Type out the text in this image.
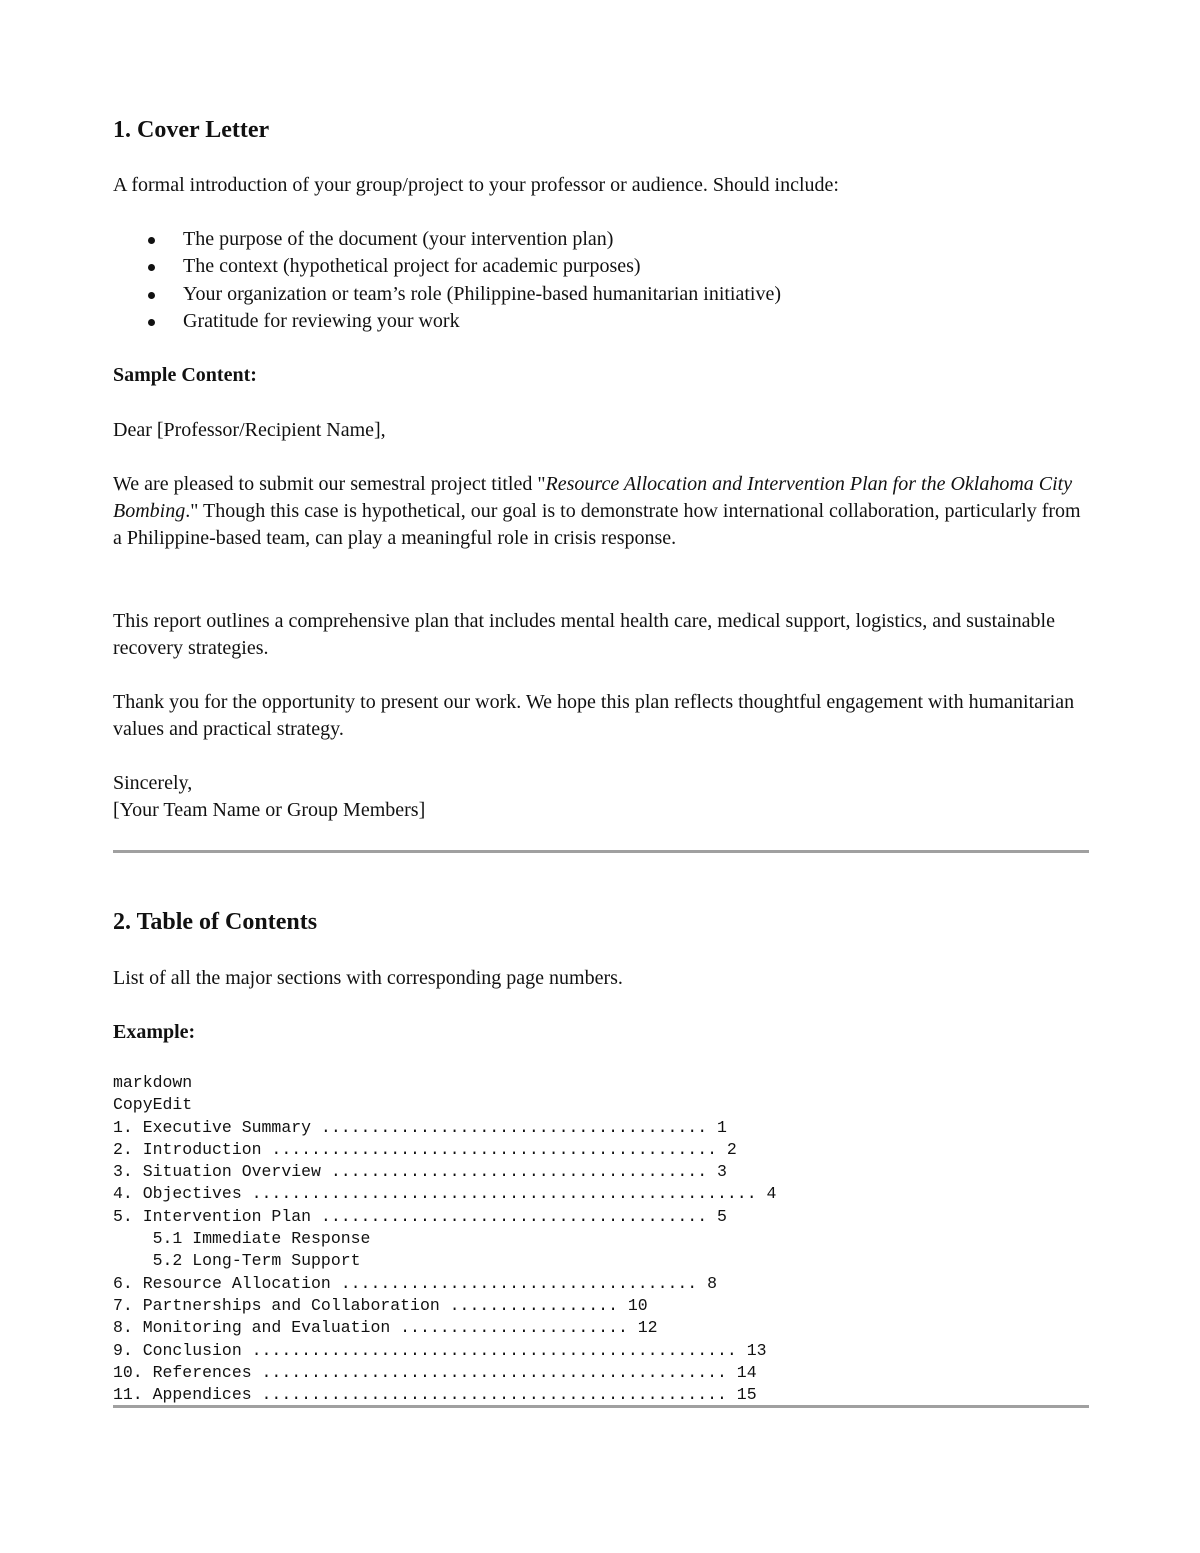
1. Cover Letter

A formal introduction of your group/project to your professor or audience. Should include:

The purpose of the document (your intervention plan)
The context (hypothetical project for academic purposes)
Your organization or team’s role (Philippine-based humanitarian initiative)
Gratitude for reviewing your work

Sample Content:

Dear [Professor/Recipient Name],

We are pleased to submit our semestral project titled "Resource Allocation and Intervention Plan for the Oklahoma City Bombing." Though this case is hypothetical, our goal is to demonstrate how international collaboration, particularly from a Philippine-based team, can play a meaningful role in crisis response.

This report outlines a comprehensive plan that includes mental health care, medical support, logistics, and sustainable recovery strategies.

Thank you for the opportunity to present our work. We hope this plan reflects thoughtful engagement with humanitarian values and practical strategy.

Sincerely,

[Your Team Name or Group Members]

2. Table of Contents

List of all the major sections with corresponding page numbers.

Example:

markdown
CopyEdit
1. Executive Summary ....................................... 1
2. Introduction ............................................. 2
3. Situation Overview ...................................... 3
4. Objectives ................................................... 4
5. Intervention Plan ....................................... 5
5.1 Immediate Response
5.2 Long-Term Support
6. Resource Allocation .................................... 8
7. Partnerships and Collaboration ................. 10
8. Monitoring and Evaluation ....................... 12
9. Conclusion ................................................. 13
10. References ............................................... 14
11. Appendices ............................................... 15
